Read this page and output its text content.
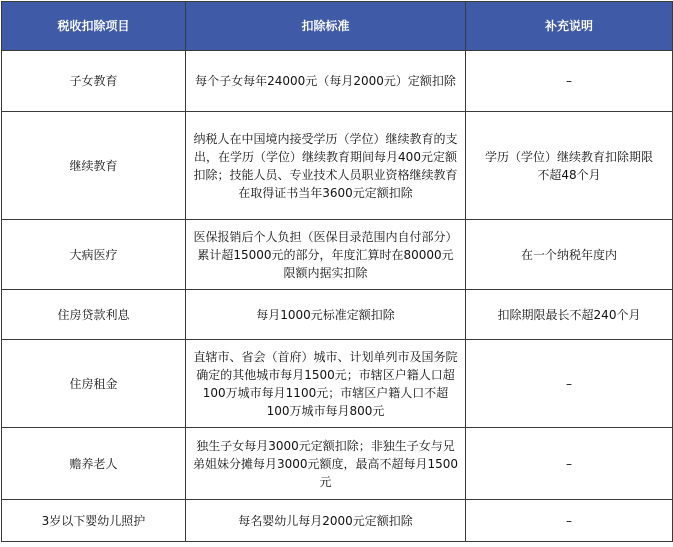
税收扣除项目	扣除标准	补充说明
子女教育	每个子女每年24000元（每月2000元）定额扣除	–
继续教育	纳税人在中国境内接受学历（学位）继续教育的支出，在学历（学位）继续教育期间每月400元定额扣除；技能人员、专业技术人员职业资格继续教育在取得证书当年3600元定额扣除	学历（学位）继续教育扣除期限不超48个月
大病医疗	医保报销后个人负担（医保目录范围内自付部分）累计超15000元的部分，年度汇算时在80000元限额内据实扣除	在一个纳税年度内
住房贷款利息	每月1000元标准定额扣除	扣除期限最长不超240个月
住房租金	直辖市、省会（首府）城市、计划单列市及国务院确定的其他城市每月1500元；市辖区户籍人口超100万城市每月1100元；市辖区户籍人口不超100万城市每月800元	–
赡养老人	独生子女每月3000元定额扣除；非独生子女与兄弟姐妹分摊每月3000元额度，最高不超每月1500元	–
3岁以下婴幼儿照护	每名婴幼儿每月2000元定额扣除	–
